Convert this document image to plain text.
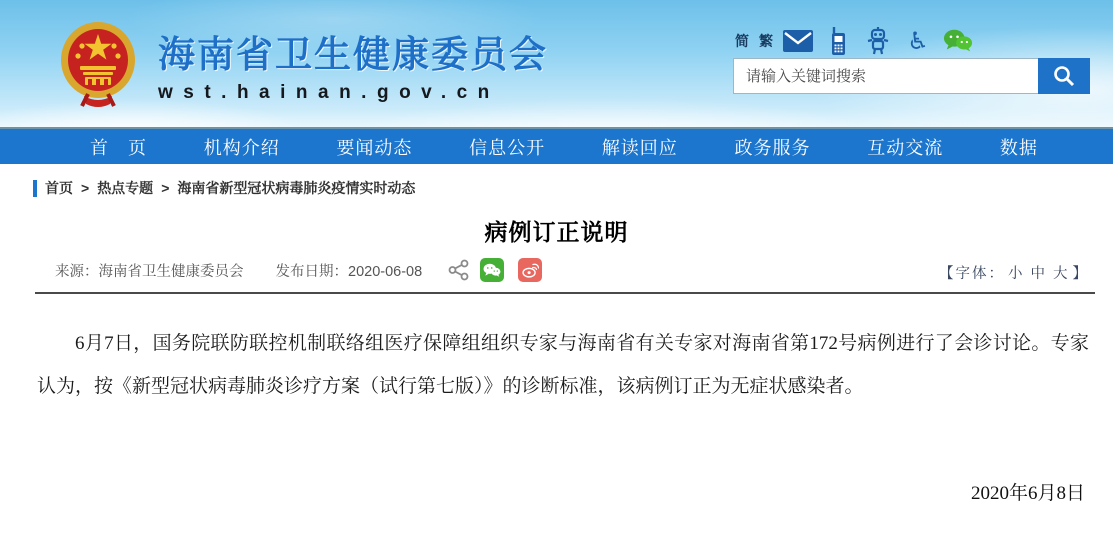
海南省卫生健康委员会
wst.hainan.gov.cn
简 繁	♿
请输入关键词搜索
首　页	机构介绍	要闻动态	信息公开	解读回应	政务服务	互动交流	数据
首页 > 热点专题 > 海南省新型冠状病毒肺炎疫情实时动态
病例订正说明
来源：海南省卫生健康委员会 发布日期：2020-06-08	【字体： 小 中 大 】
6月7日，国务院联防联控机制联络组医疗保障组组织专家与海南省有关专家对海南省第172号病例进行了会诊讨论。专家认为，按《新型冠状病毒肺炎诊疗方案（试行第七版）》的诊断标准，该病例订正为无症状感染者。
2020年6月8日
